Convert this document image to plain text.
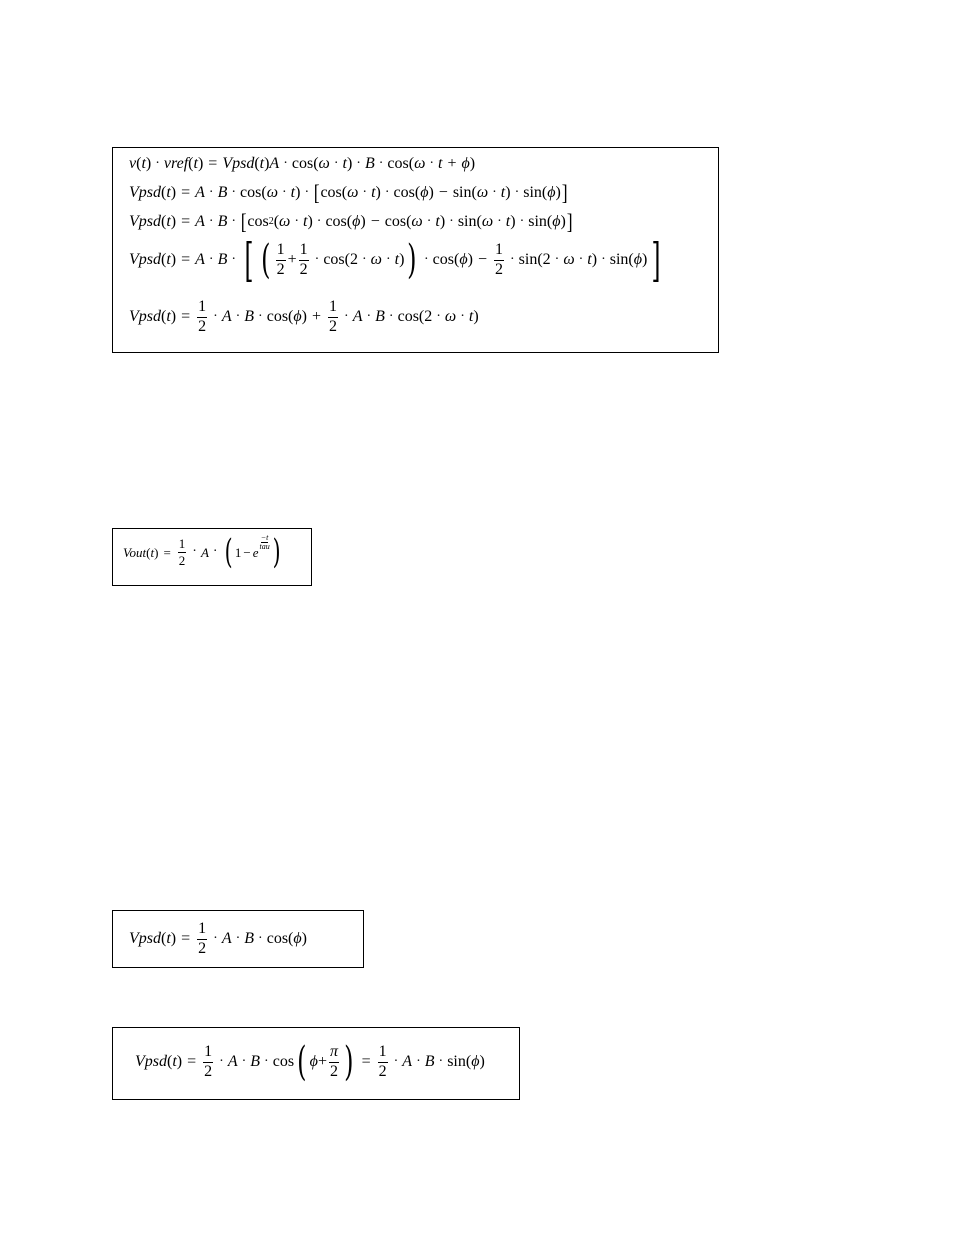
v ( t ) · vref ( t ) = Vpsd ( t ) A · cos( ω · t ) · B · cos( ω · t + ϕ )
Vpsd ( t ) = A · B · cos( ω · t ) · [ cos( ω · t ) · cos( ϕ ) − sin( ω · t ) · sin( ϕ ) ]
Vpsd ( t ) = A · B · [ cos 2 ( ω · t ) · cos( ϕ ) − cos( ω · t ) · sin( ω · t ) · sin( ϕ ) ]
Vpsd ( t ) = A · B · [ ( $\frac{1}{2} + \frac{1}{2} \cdot \cos(2 \cdot \omega \cdot t$ ) ) · cos( ϕ ) − $\frac{1}{2} \cdot \sin(2 \cdot \omega \cdot t$ ) · sin( ϕ ) ]
Vpsd ( t ) = $\frac{1}{2} \cdot A \cdot B \cdot \cos$( ϕ ) + $\frac{1}{2} \cdot A \cdot B \cdot \cos(2 \cdot \omega \cdot t$ )
Vout ( t ) = $\frac{1}{2} \cdot A$ · ( 1 − e
−t
tau )
Vpsd ( t ) = $\frac{1}{2} \cdot A \cdot B \cdot \cos$( ϕ )
Vpsd ( t ) = $\frac{1}{2} \cdot A \cdot B \cdot \cos$ ( $\phi + \frac{\pi}{2}$ ) = $\frac{1}{2} \cdot A \cdot B \cdot \sin$( ϕ )
